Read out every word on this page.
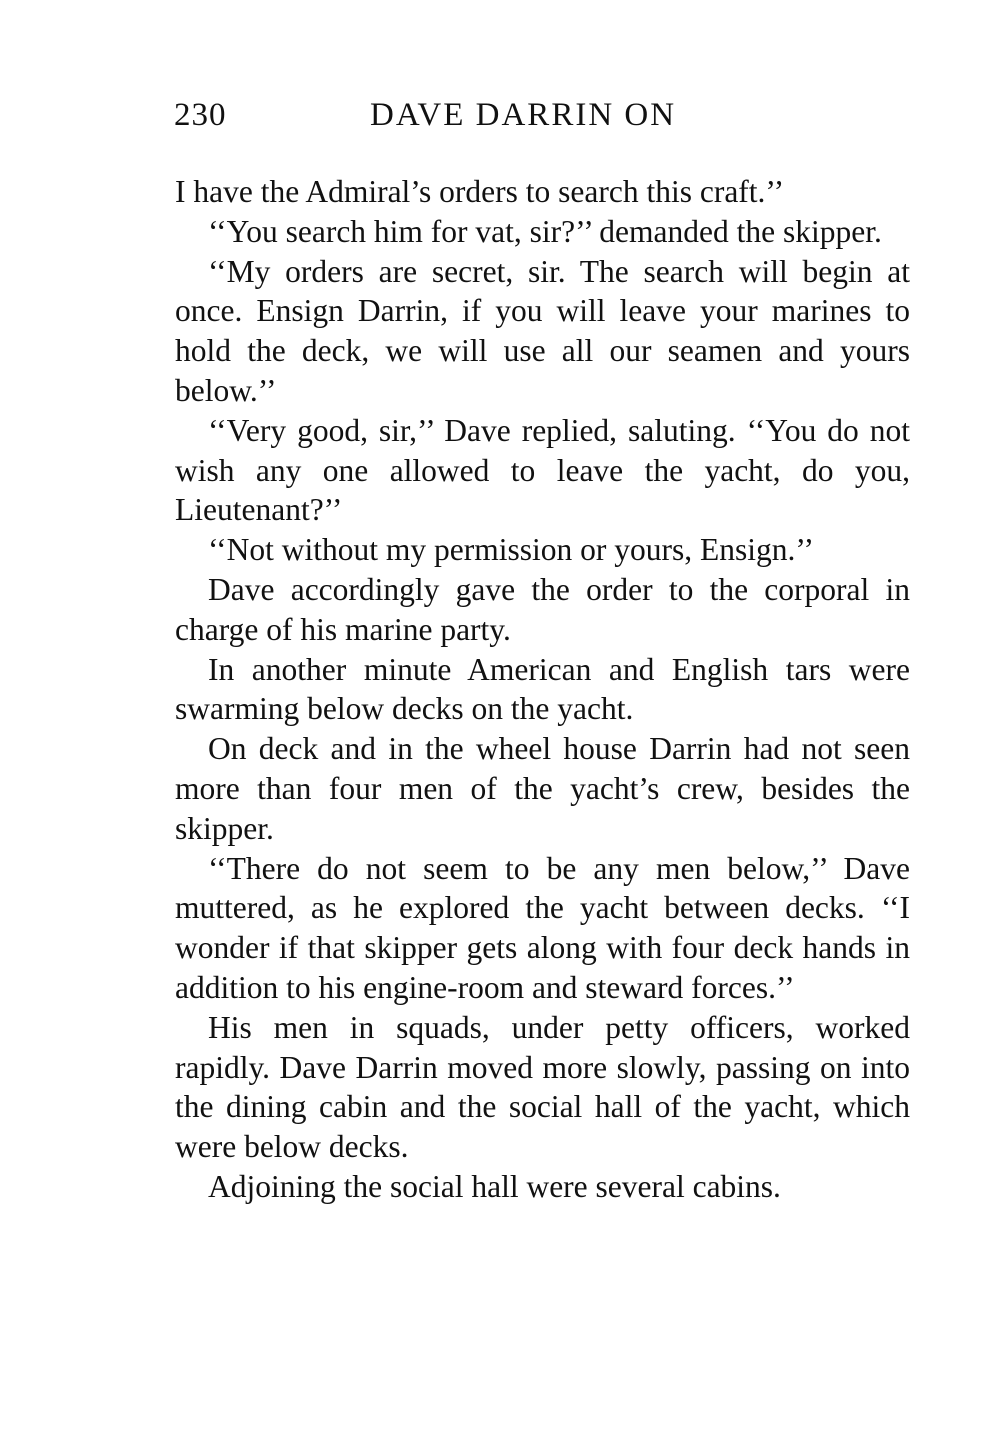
230	DAVE DARRIN ON

I have the Admiral’s orders to search this craft.’’

‘‘You search him for vat, sir?’’ demanded the skipper.

‘‘My orders are secret, sir. The search will begin at once. Ensign Darrin, if you will leave your marines to hold the deck, we will use all our seamen and yours below.’’

‘‘Very good, sir,’’ Dave replied, saluting. ‘‘You do not wish any one allowed to leave the yacht, do you, Lieutenant?’’

‘‘Not without my permission or yours, Ensign.’’

Dave accordingly gave the order to the corporal in charge of his marine party.

In another minute American and English tars were swarming below decks on the yacht.

On deck and in the wheel house Darrin had not seen more than four men of the yacht’s crew, besides the skipper.

‘‘There do not seem to be any men below,’’ Dave muttered, as he explored the yacht between decks. ‘‘I wonder if that skipper gets along with four deck hands in addition to his engine-room and steward forces.’’

His men in squads, under petty officers, worked rapidly. Dave Darrin moved more slowly, passing on into the dining cabin and the social hall of the yacht, which were below decks.

Adjoining the social hall were several cabins.
